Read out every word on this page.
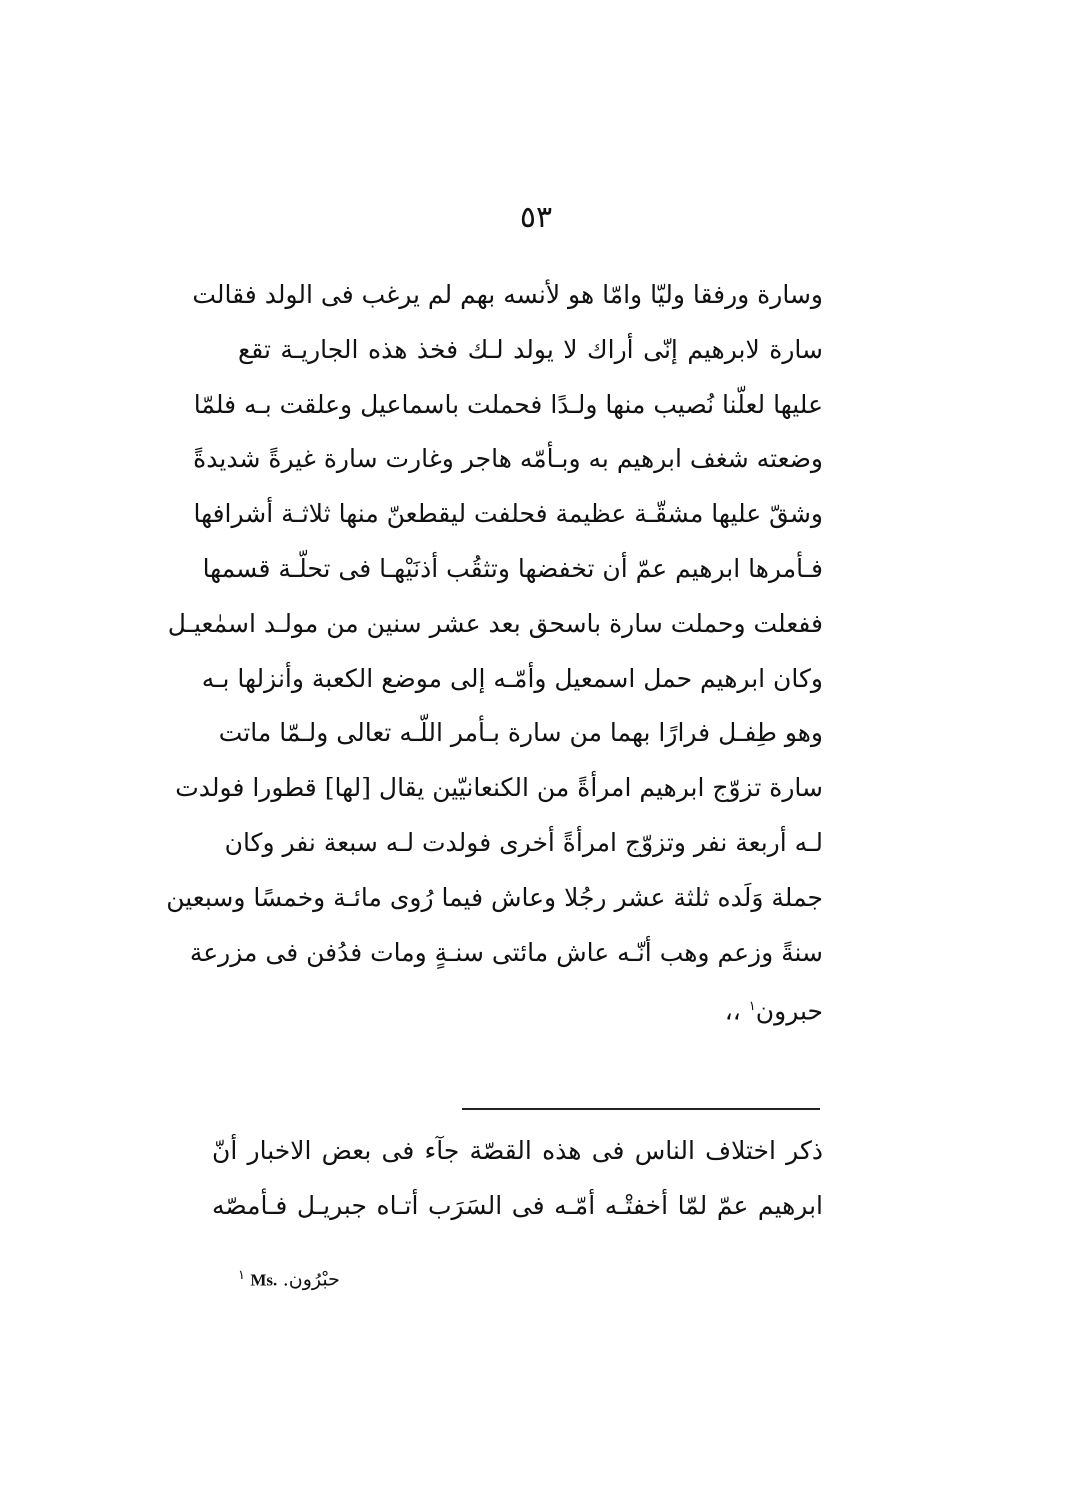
٥٣
وسارة ورفقا وليّا وامّا هو لأنسه بهم لم يرغب فى الولد فقالت
سارة لابرهيم إنّى أراك لا يولد لـك فخذ هذه الجاريـة تقع
عليها لعلّنا نُصيب منها ولـدًا فحملت باسماعيل وعلقت بـه فلمّا
وضعته شغف ابرهيم به وبـأمّه هاجر وغارت سارة غيرةً شديدةً
وشقّ عليها مشقّـة عظيمة فحلفت ليقطعنّ منها ثلاثـة أشرافها
فـأمرها ابرهيم عمّ أن تخفضها وتثقُب أذنَيْهـا فى تحلّـة قسمها
ففعلت وحملت سارة باسحق بعد عشر سنين من مولـد اسمٰعيـل
وكان ابرهيم حمل اسمعيل وأمّـه إلى موضع الكعبة وأنزلها بـه
وهو طِفـل فرارًا بهما من سارة بـأمر اللّـه تعالى ولـمّا ماتت
سارة تزوّج ابرهيم امرأةً من الكنعانيّين يقال [لها] قطورا فولدت
لـه أربعة نفر وتزوّج امرأةً أخرى فولدت لـه سبعة نفر وكان
جملة وَلَده ثلثة عشر رجُلا وعاش فيما رُوى مائـة وخمسًا وسبعين
سنةً وزعم وهب أنّـه عاش مائتى سنـةٍ ومات فدُفن فى مزرعة
حبرون$^١$ ،،
ذكر اختلاف الناس فى هذه القصّة جآء فى بعض الاخبار أنّ
ابرهيم عمّ لمّا أخفتْـه أمّـه فى السَرَب أتـاه جبريـل فـأمصّه
$^١$ Ms. حبْرُون.
